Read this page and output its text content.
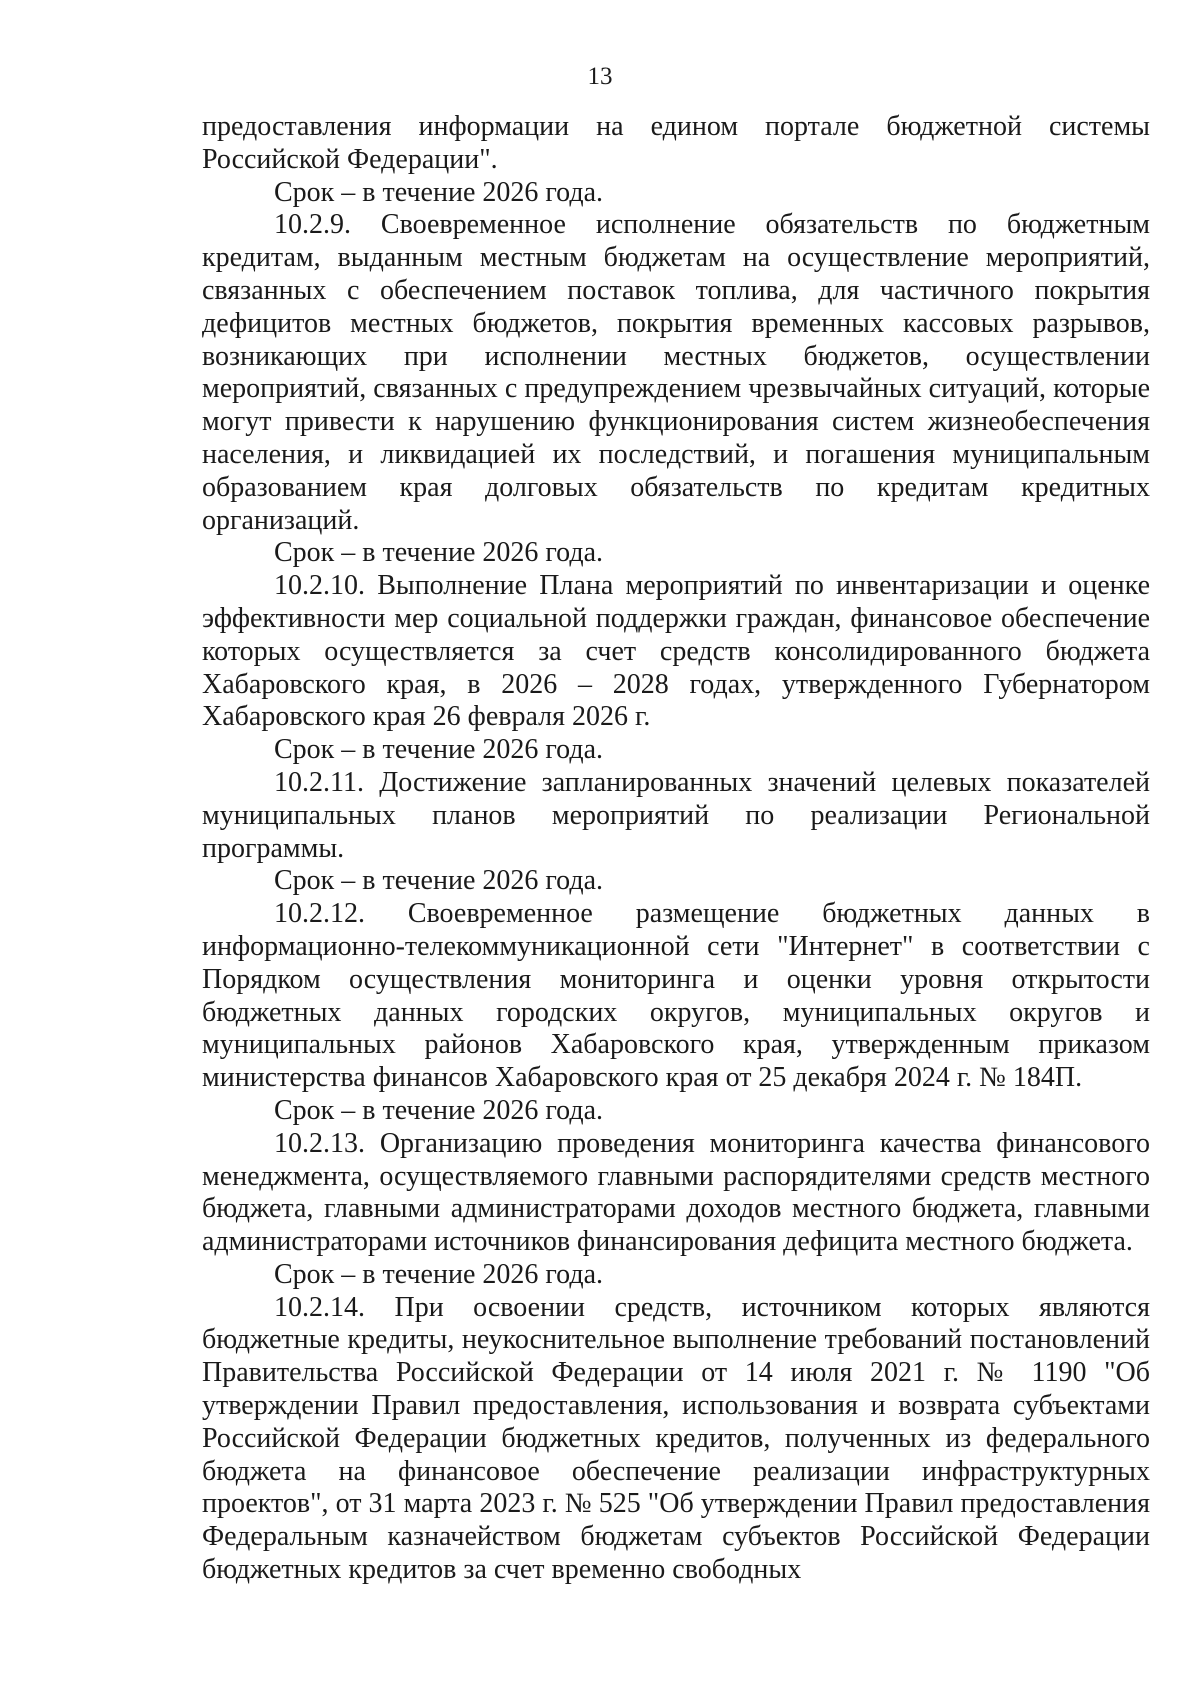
13

предоставления информации на едином портале бюджетной системы Российской Федерации".

Срок – в течение 2026 года.

10.2.9. Своевременное исполнение обязательств по бюджетным кредитам, выданным местным бюджетам на осуществление мероприятий, связанных с обеспечением поставок топлива, для частичного покрытия дефицитов местных бюджетов, покрытия временных кассовых разрывов, возникающих при исполнении местных бюджетов, осуществлении мероприятий, связанных с предупреждением чрезвычайных ситуаций, которые могут привести к нарушению функционирования систем жизнеобеспечения населения, и ликвидацией их последствий, и погашения муниципальным образованием края долговых обязательств по кредитам кредитных организаций.

Срок – в течение 2026 года.

10.2.10. Выполнение Плана мероприятий по инвентаризации и оценке эффективности мер социальной поддержки граждан, финансовое обеспечение которых осуществляется за счет средств консолидированного бюджета Хабаровского края, в 2026 – 2028 годах, утвержденного Губернатором Хабаровского края 26 февраля 2026 г.

Срок – в течение 2026 года.

10.2.11. Достижение запланированных значений целевых показателей муниципальных планов мероприятий по реализации Региональной программы.

Срок – в течение 2026 года.

10.2.12. Своевременное размещение бюджетных данных в информационно-телекоммуникационной сети "Интернет" в соответствии с Порядком осуществления мониторинга и оценки уровня открытости бюджетных данных городских округов, муниципальных округов и муниципальных районов Хабаровского края, утвержденным приказом министерства финансов Хабаровского края от 25 декабря 2024 г. № 184П.

Срок – в течение 2026 года.

10.2.13. Организацию проведения мониторинга качества финансового менеджмента, осуществляемого главными распорядителями средств местного бюджета, главными администраторами доходов местного бюджета, главными администраторами источников финансирования дефицита местного бюджета.

Срок – в течение 2026 года.

10.2.14. При освоении средств, источником которых являются бюджетные кредиты, неукоснительное выполнение требований постановлений Правительства Российской Федерации от 14 июля 2021 г. № 1190 "Об утверждении Правил предоставления, использования и возврата субъектами Российской Федерации бюджетных кредитов, полученных из федерального бюджета на финансовое обеспечение реализации инфраструктурных проектов", от 31 марта 2023 г. № 525 "Об утверждении Правил предоставления Федеральным казначейством бюджетам субъектов Российской Федерации бюджетных кредитов за счет временно свободных
